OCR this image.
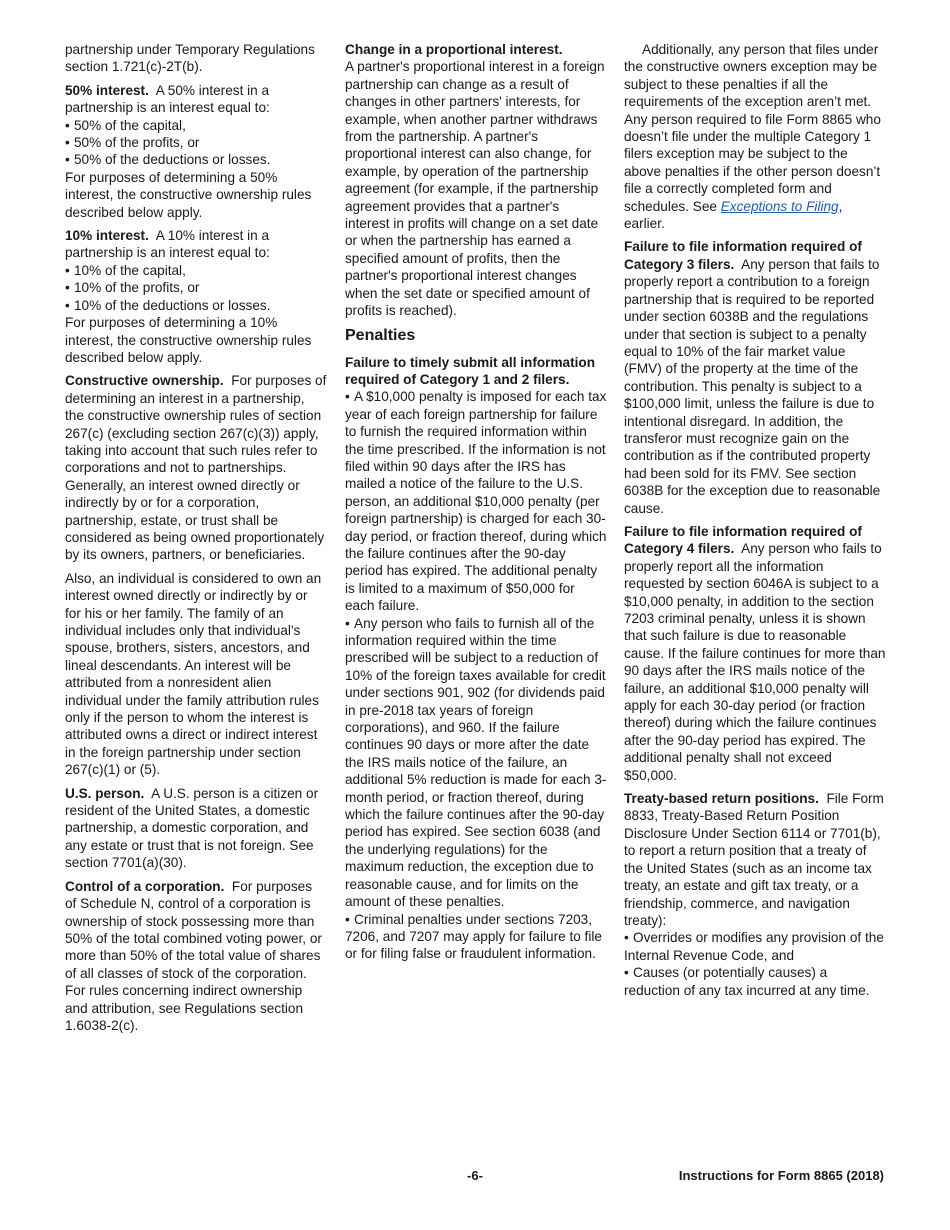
partnership under Temporary Regulations section 1.721(c)-2T(b).

50% interest. A 50% interest in a partnership is an interest equal to:

• 50% of the capital,

• 50% of the profits, or

• 50% of the deductions or losses.

For purposes of determining a 50% interest, the constructive ownership rules described below apply.

10% interest. A 10% interest in a partnership is an interest equal to:

• 10% of the capital,

• 10% of the profits, or

• 10% of the deductions or losses.

For purposes of determining a 10% interest, the constructive ownership rules described below apply.

Constructive ownership. For purposes of determining an interest in a partnership, the constructive ownership rules of section 267(c) (excluding section 267(c)(3)) apply, taking into account that such rules refer to corporations and not to partnerships. Generally, an interest owned directly or indirectly by or for a corporation, partnership, estate, or trust shall be considered as being owned proportionately by its owners, partners, or beneficiaries.

Also, an individual is considered to own an interest owned directly or indirectly by or for his or her family. The family of an individual includes only that individual's spouse, brothers, sisters, ancestors, and lineal descendants. An interest will be attributed from a nonresident alien individual under the family attribution rules only if the person to whom the interest is attributed owns a direct or indirect interest in the foreign partnership under section 267(c)(1) or (5).

U.S. person. A U.S. person is a citizen or resident of the United States, a domestic partnership, a domestic corporation, and any estate or trust that is not foreign. See section 7701(a)(30).

Control of a corporation. For purposes of Schedule N, control of a corporation is ownership of stock possessing more than 50% of the total combined voting power, or more than 50% of the total value of shares of all classes of stock of the corporation. For rules concerning indirect ownership and attribution, see Regulations section 1.6038-2(c).

Change in a proportional interest.

A partner's proportional interest in a foreign partnership can change as a result of changes in other partners' interests, for example, when another partner withdraws from the partnership. A partner's proportional interest can also change, for example, by operation of the partnership agreement (for example, if the partnership agreement provides that a partner's interest in profits will change on a set date or when the partnership has earned a specified amount of profits, then the partner's proportional interest changes when the set date or specified amount of profits is reached).

Penalties

Failure to timely submit all information required of Category 1 and 2 filers.

• A $10,000 penalty is imposed for each tax year of each foreign partnership for failure to furnish the required information within the time prescribed. If the information is not filed within 90 days after the IRS has mailed a notice of the failure to the U.S. person, an additional $10,000 penalty (per foreign partnership) is charged for each 30-day period, or fraction thereof, during which the failure continues after the 90-day period has expired. The additional penalty is limited to a maximum of $50,000 for each failure.

• Any person who fails to furnish all of the information required within the time prescribed will be subject to a reduction of 10% of the foreign taxes available for credit under sections 901, 902 (for dividends paid in pre-2018 tax years of foreign corporations), and 960. If the failure continues 90 days or more after the date the IRS mails notice of the failure, an additional 5% reduction is made for each 3-month period, or fraction thereof, during which the failure continues after the 90-day period has expired. See section 6038 (and the underlying regulations) for the maximum reduction, the exception due to reasonable cause, and for limits on the amount of these penalties.

• Criminal penalties under sections 7203, 7206, and 7207 may apply for failure to file or for filing false or fraudulent information.

Additionally, any person that files under the constructive owners exception may be subject to these penalties if all the requirements of the exception aren’t met. Any person required to file Form 8865 who doesn’t file under the multiple Category 1 filers exception may be subject to the above penalties if the other person doesn’t file a correctly completed form and schedules. See Exceptions to Filing, earlier.

Failure to file information required of Category 3 filers. Any person that fails to properly report a contribution to a foreign partnership that is required to be reported under section 6038B and the regulations under that section is subject to a penalty equal to 10% of the fair market value (FMV) of the property at the time of the contribution. This penalty is subject to a $100,000 limit, unless the failure is due to intentional disregard. In addition, the transferor must recognize gain on the contribution as if the contributed property had been sold for its FMV. See section 6038B for the exception due to reasonable cause.

Failure to file information required of Category 4 filers. Any person who fails to properly report all the information requested by section 6046A is subject to a $10,000 penalty, in addition to the section 7203 criminal penalty, unless it is shown that such failure is due to reasonable cause. If the failure continues for more than 90 days after the IRS mails notice of the failure, an additional $10,000 penalty will apply for each 30-day period (or fraction thereof) during which the failure continues after the 90-day period has expired. The additional penalty shall not exceed $50,000.

Treaty-based return positions. File Form 8833, Treaty-Based Return Position Disclosure Under Section 6114 or 7701(b), to report a return position that a treaty of the United States (such as an income tax treaty, an estate and gift tax treaty, or a friendship, commerce, and navigation treaty):

• Overrides or modifies any provision of the Internal Revenue Code, and

• Causes (or potentially causes) a reduction of any tax incurred at any time.

-6-	Instructions for Form 8865 (2018)
